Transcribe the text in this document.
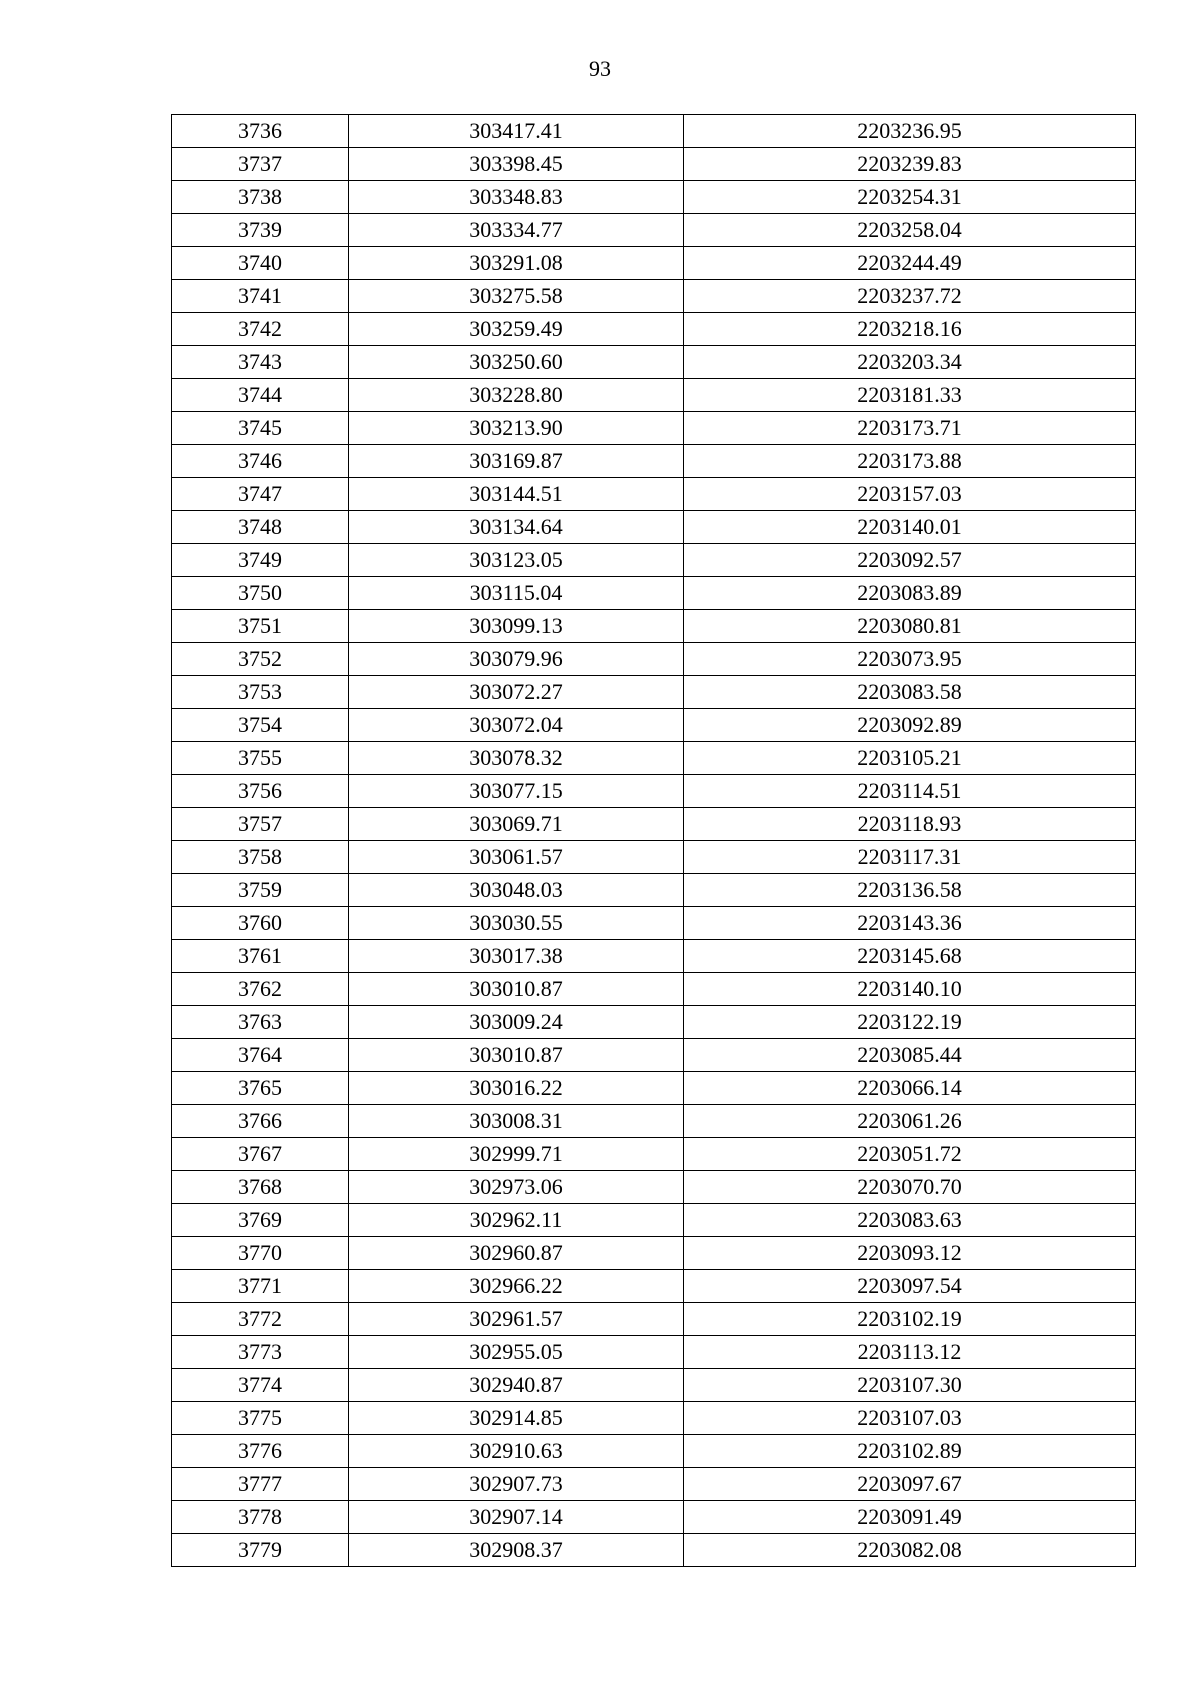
93
3736	303417.41	2203236.95
3737	303398.45	2203239.83
3738	303348.83	2203254.31
3739	303334.77	2203258.04
3740	303291.08	2203244.49
3741	303275.58	2203237.72
3742	303259.49	2203218.16
3743	303250.60	2203203.34
3744	303228.80	2203181.33
3745	303213.90	2203173.71
3746	303169.87	2203173.88
3747	303144.51	2203157.03
3748	303134.64	2203140.01
3749	303123.05	2203092.57
3750	303115.04	2203083.89
3751	303099.13	2203080.81
3752	303079.96	2203073.95
3753	303072.27	2203083.58
3754	303072.04	2203092.89
3755	303078.32	2203105.21
3756	303077.15	2203114.51
3757	303069.71	2203118.93
3758	303061.57	2203117.31
3759	303048.03	2203136.58
3760	303030.55	2203143.36
3761	303017.38	2203145.68
3762	303010.87	2203140.10
3763	303009.24	2203122.19
3764	303010.87	2203085.44
3765	303016.22	2203066.14
3766	303008.31	2203061.26
3767	302999.71	2203051.72
3768	302973.06	2203070.70
3769	302962.11	2203083.63
3770	302960.87	2203093.12
3771	302966.22	2203097.54
3772	302961.57	2203102.19
3773	302955.05	2203113.12
3774	302940.87	2203107.30
3775	302914.85	2203107.03
3776	302910.63	2203102.89
3777	302907.73	2203097.67
3778	302907.14	2203091.49
3779	302908.37	2203082.08
